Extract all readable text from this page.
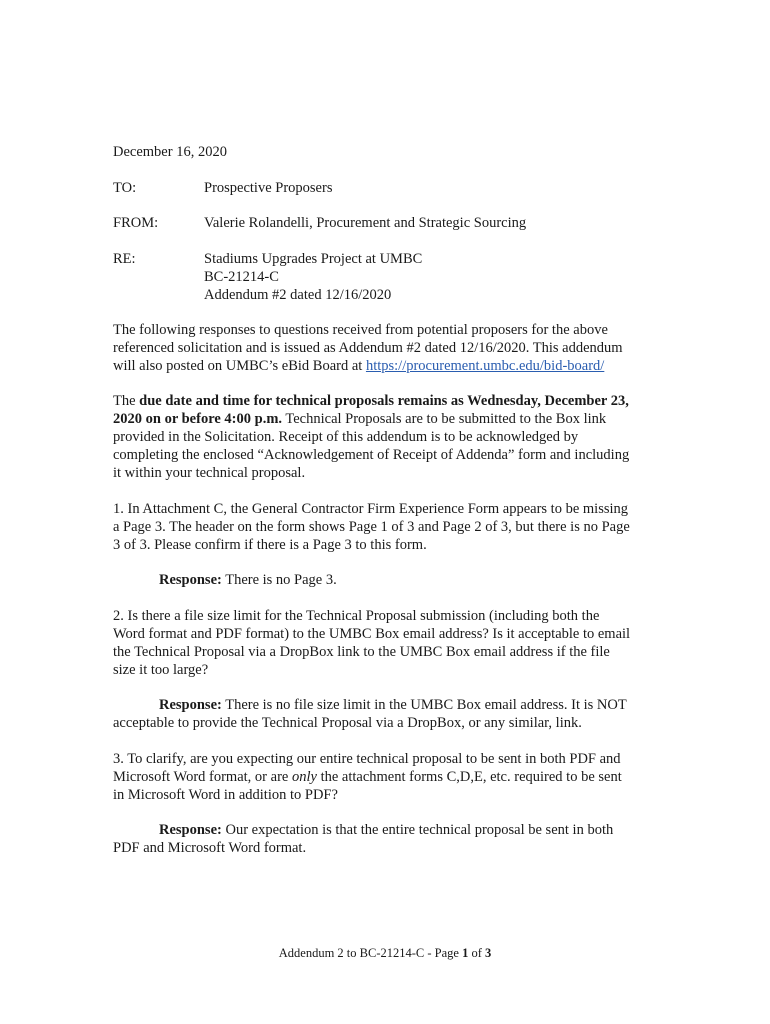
December 16, 2020
TO:	Prospective Proposers
FROM:	Valerie Rolandelli, Procurement and Strategic Sourcing
RE:	Stadiums Upgrades Project at UMBC
BC-21214-C
Addendum #2 dated 12/16/2020
The following responses to questions received from potential proposers for the above
referenced solicitation and is issued as Addendum #2 dated 12/16/2020. This addendum
will also posted on UMBC’s eBid Board at https://procurement.umbc.edu/bid-board/
The due date and time for technical proposals remains as Wednesday, December 23,
2020 on or before 4:00 p.m. Technical Proposals are to be submitted to the Box link
provided in the Solicitation. Receipt of this addendum is to be acknowledged by
completing the enclosed “Acknowledgement of Receipt of Addenda” form and including
it within your technical proposal.
1. In Attachment C, the General Contractor Firm Experience Form appears to be missing
a Page 3. The header on the form shows Page 1 of 3 and Page 2 of 3, but there is no Page
3 of 3. Please confirm if there is a Page 3 to this form.
Response: There is no Page 3.
2. Is there a file size limit for the Technical Proposal submission (including both the
Word format and PDF format) to the UMBC Box email address? Is it acceptable to email
the Technical Proposal via a DropBox link to the UMBC Box email address if the file
size it too large?
Response: There is no file size limit in the UMBC Box email address. It is NOT
acceptable to provide the Technical Proposal via a DropBox, or any similar, link.
3. To clarify, are you expecting our entire technical proposal to be sent in both PDF and
Microsoft Word format, or are only the attachment forms C,D,E, etc. required to be sent
in Microsoft Word in addition to PDF?
Response: Our expectation is that the entire technical proposal be sent in both
PDF and Microsoft Word format.
Addendum 2 to BC-21214-C - Page 1 of 3
